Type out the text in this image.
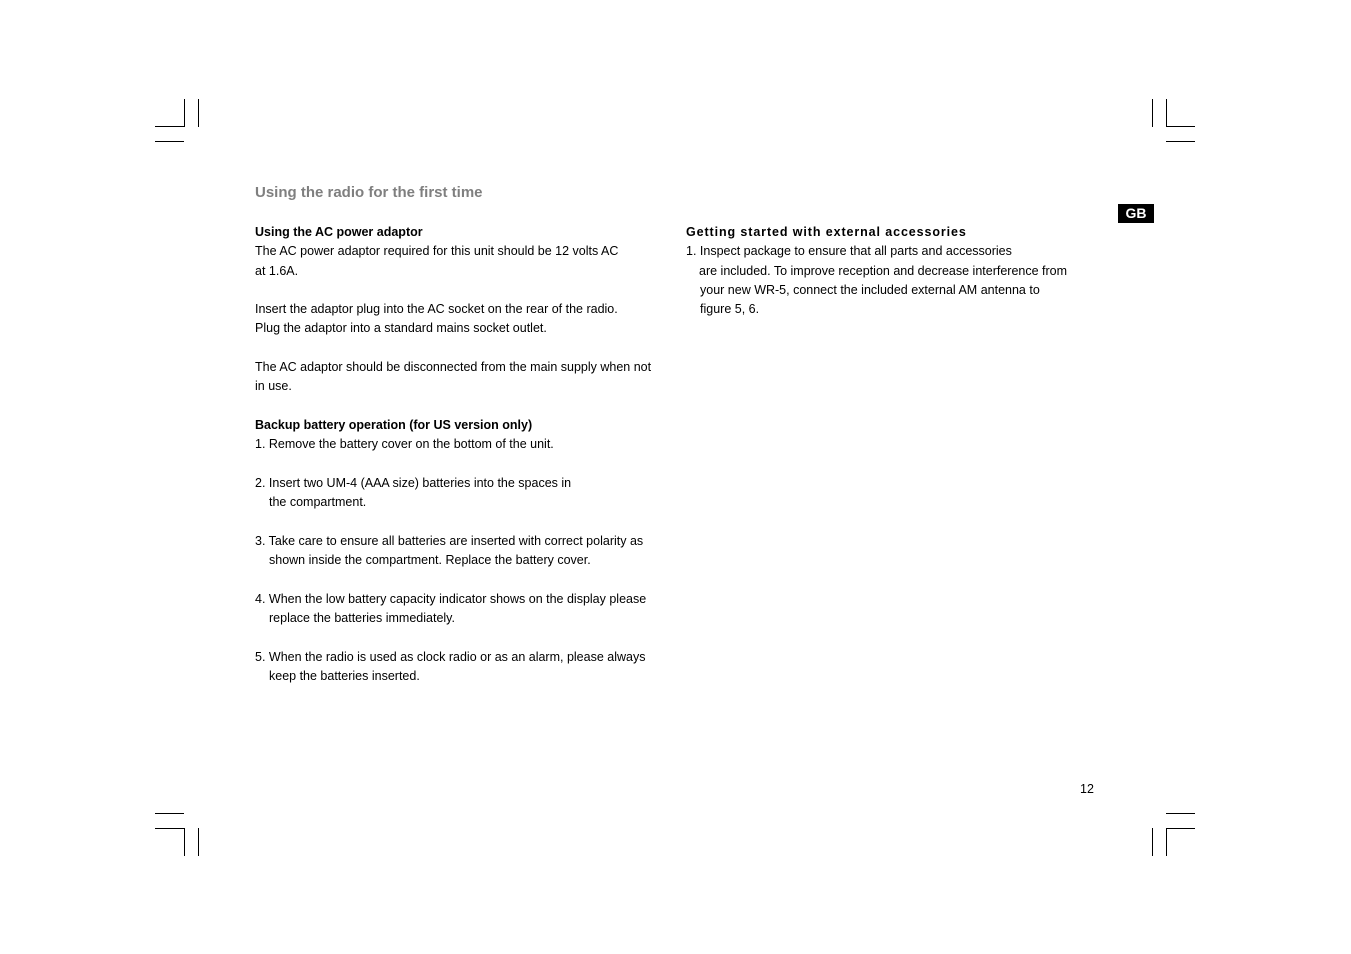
Using the radio for the first time
GB

Using the AC power adaptor

The AC power adaptor required for this unit should be 12 volts AC

at 1.6A.

Insert the adaptor plug into the AC socket on the rear of the radio.

Plug the adaptor into a standard mains socket outlet.

The AC adaptor should be disconnected from the main supply when not

in use.

Backup battery operation (for US version only)

1. Remove the battery cover on the bottom of the unit.

2. Insert two UM-4 (AAA size) batteries into the spaces in

the compartment.

3. Take care to ensure all batteries are inserted with correct polarity as

shown inside the compartment. Replace the battery cover.

4. When the low battery capacity indicator shows on the display please

replace the batteries immediately.

5. When the radio is used as clock radio or as an alarm, please always

keep the batteries inserted.

Getting started with external accessories

1. Inspect package to ensure that all parts and accessories

are included. To improve reception and decrease interference from

your new WR-5, connect the included external AM antenna to

figure 5, 6.

12
